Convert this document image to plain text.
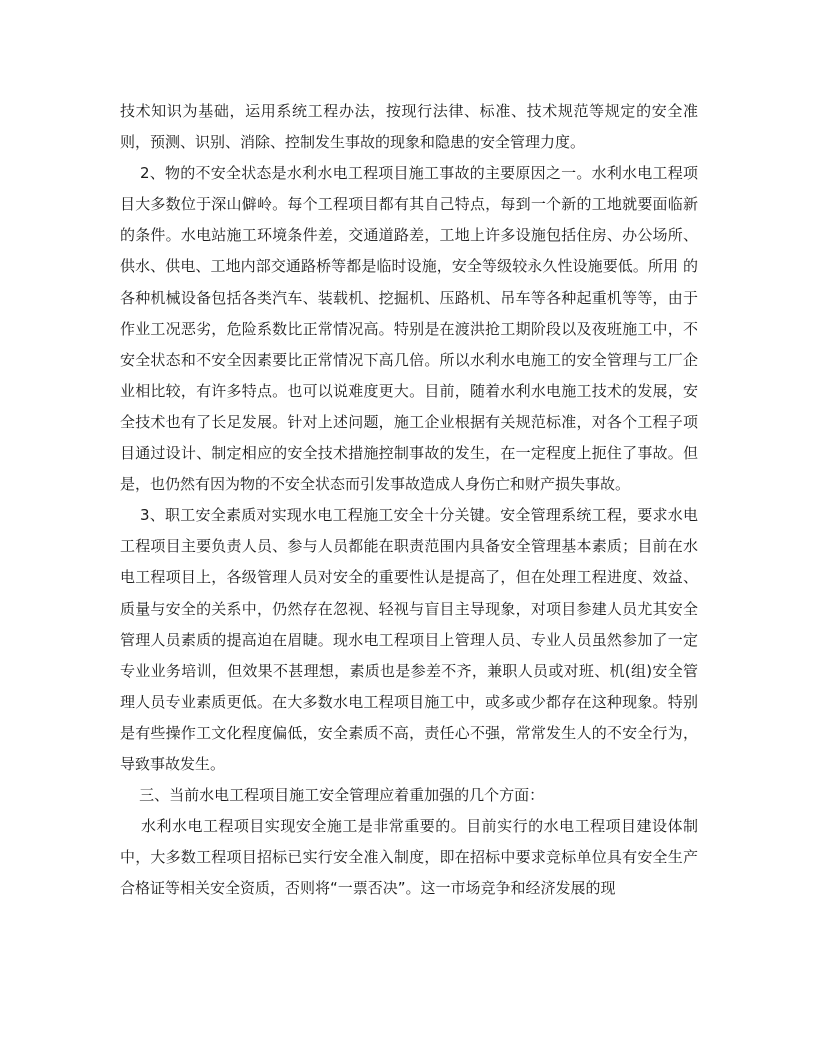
技术知识为基础，运用系统工程办法，按现行法律、标准、技术规范等规定的安全准则，预测、识别、消除、控制发生事故的现象和隐患的安全管理力度。

2、物的不安全状态是水利水电工程项目施工事故的主要原因之一。水利水电工程项目大多数位于深山僻岭。每个工程项目都有其自己特点，每到一个新的工地就要面临新的条件。水电站施工环境条件差，交通道路差，工地上许多设施包括住房、办公场所、供水、供电、工地内部交通路桥等都是临时设施，安全等级较永久性设施要低。所用 的各种机械设备包括各类汽车、装载机、挖掘机、压路机、吊车等各种起重机等等，由于作业工况恶劣，危险系数比正常情况高。特别是在渡洪抢工期阶段以及夜班施工中，不安全状态和不安全因素要比正常情况下高几倍。所以水利水电施工的安全管理与工厂企业相比较，有许多特点。也可以说难度更大。目前，随着水利水电施工技术的发展，安全技术也有了长足发展。针对上述问题，施工企业根据有关规范标准，对各个工程子项目通过设计、制定相应的安全技术措施控制事故的发生，在一定程度上扼住了事故。但是，也仍然有因为物的不安全状态而引发事故造成人身伤亡和财产损失事故。

3、职工安全素质对实现水电工程施工安全十分关键。安全管理系统工程，要求水电工程项目主要负责人员、参与人员都能在职责范围内具备安全管理基本素质；目前在水电工程项目上，各级管理人员对安全的重要性认是提高了，但在处理工程进度、效益、质量与安全的关系中，仍然存在忽视、轻视与盲目主导现象，对项目参建人员尤其安全管理人员素质的提高迫在眉睫。现水电工程项目上管理人员、专业人员虽然参加了一定专业业务培训，但效果不甚理想，素质也是参差不齐，兼职人员或对班、机(组)安全管理人员专业素质更低。在大多数水电工程项目施工中，或多或少都存在这种现象。特别是有些操作工文化程度偏低，安全素质不高，责任心不强，常常发生人的不安全行为，导致事故发生。

三、当前水电工程项目施工安全管理应着重加强的几个方面：

水利水电工程项目实现安全施工是非常重要的。目前实行的水电工程项目建设体制中，大多数工程项目招标已实行安全准入制度，即在招标中要求竞标单位具有安全生产合格证等相关安全资质，否则将“一票否决”。这一市场竞争和经济发展的现
